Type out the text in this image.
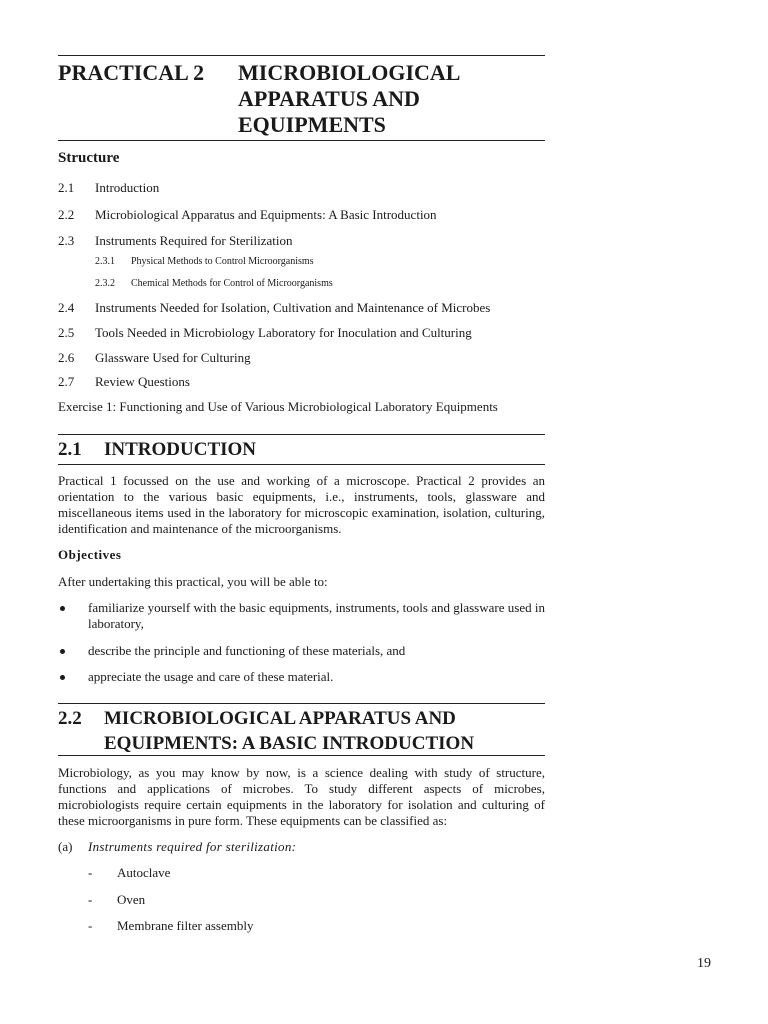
PRACTICAL 2 MICROBIOLOGICAL APPARATUS AND EQUIPMENTS
Structure
2.1 Introduction
2.2 Microbiological Apparatus and Equipments: A Basic Introduction
2.3 Instruments Required for Sterilization
2.3.1 Physical Methods to Control Microorganisms
2.3.2 Chemical Methods for Control of Microorganisms
2.4 Instruments Needed for Isolation, Cultivation and Maintenance of Microbes
2.5 Tools Needed in Microbiology Laboratory for Inoculation and Culturing
2.6 Glassware Used for Culturing
2.7 Review Questions
Exercise 1: Functioning and Use of Various Microbiological Laboratory Equipments
2.1 INTRODUCTION
Practical 1 focussed on the use and working of a microscope. Practical 2 provides an orientation to the various basic equipments, i.e., instruments, tools, glassware and miscellaneous items used in the laboratory for microscopic examination, isolation, culturing, identification and maintenance of the microorganisms.
Objectives
After undertaking this practical, you will be able to:
familiarize yourself with the basic equipments, instruments, tools and glassware used in laboratory,
describe the principle and functioning of these materials, and
appreciate the usage and care of these material.
2.2 MICROBIOLOGICAL APPARATUS AND
EQUIPMENTS: A BASIC INTRODUCTION
Microbiology, as you may know by now, is a science dealing with study of structure, functions and applications of microbes. To study different aspects of microbes, microbiologists require certain equipments in the laboratory for isolation and culturing of these microorganisms in pure form. These equipments can be classified as:
(a) Instruments required for sterilization:
- Autoclave
- Oven
- Membrane filter assembly
19
